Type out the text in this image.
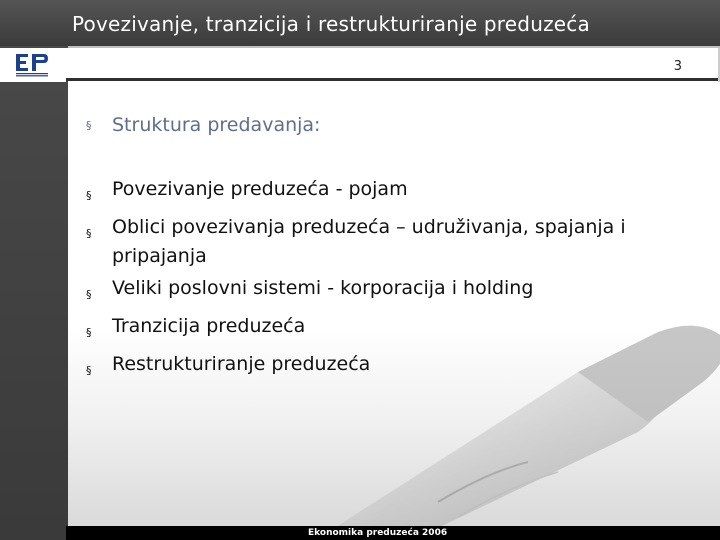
Povezivanje, tranzicija i restrukturiranje preduzeća
3
§	Struktura predavanja:
§	Povezivanje preduzeća - pojam
§	Oblici povezivanja preduzeća – udruživanja, spajanja i pripajanja
§	Veliki poslovni sistemi - korporacija i holding
§	Tranzicija preduzeća
§	Restrukturiranje preduzeća
Ekonomika preduzeća 2006
